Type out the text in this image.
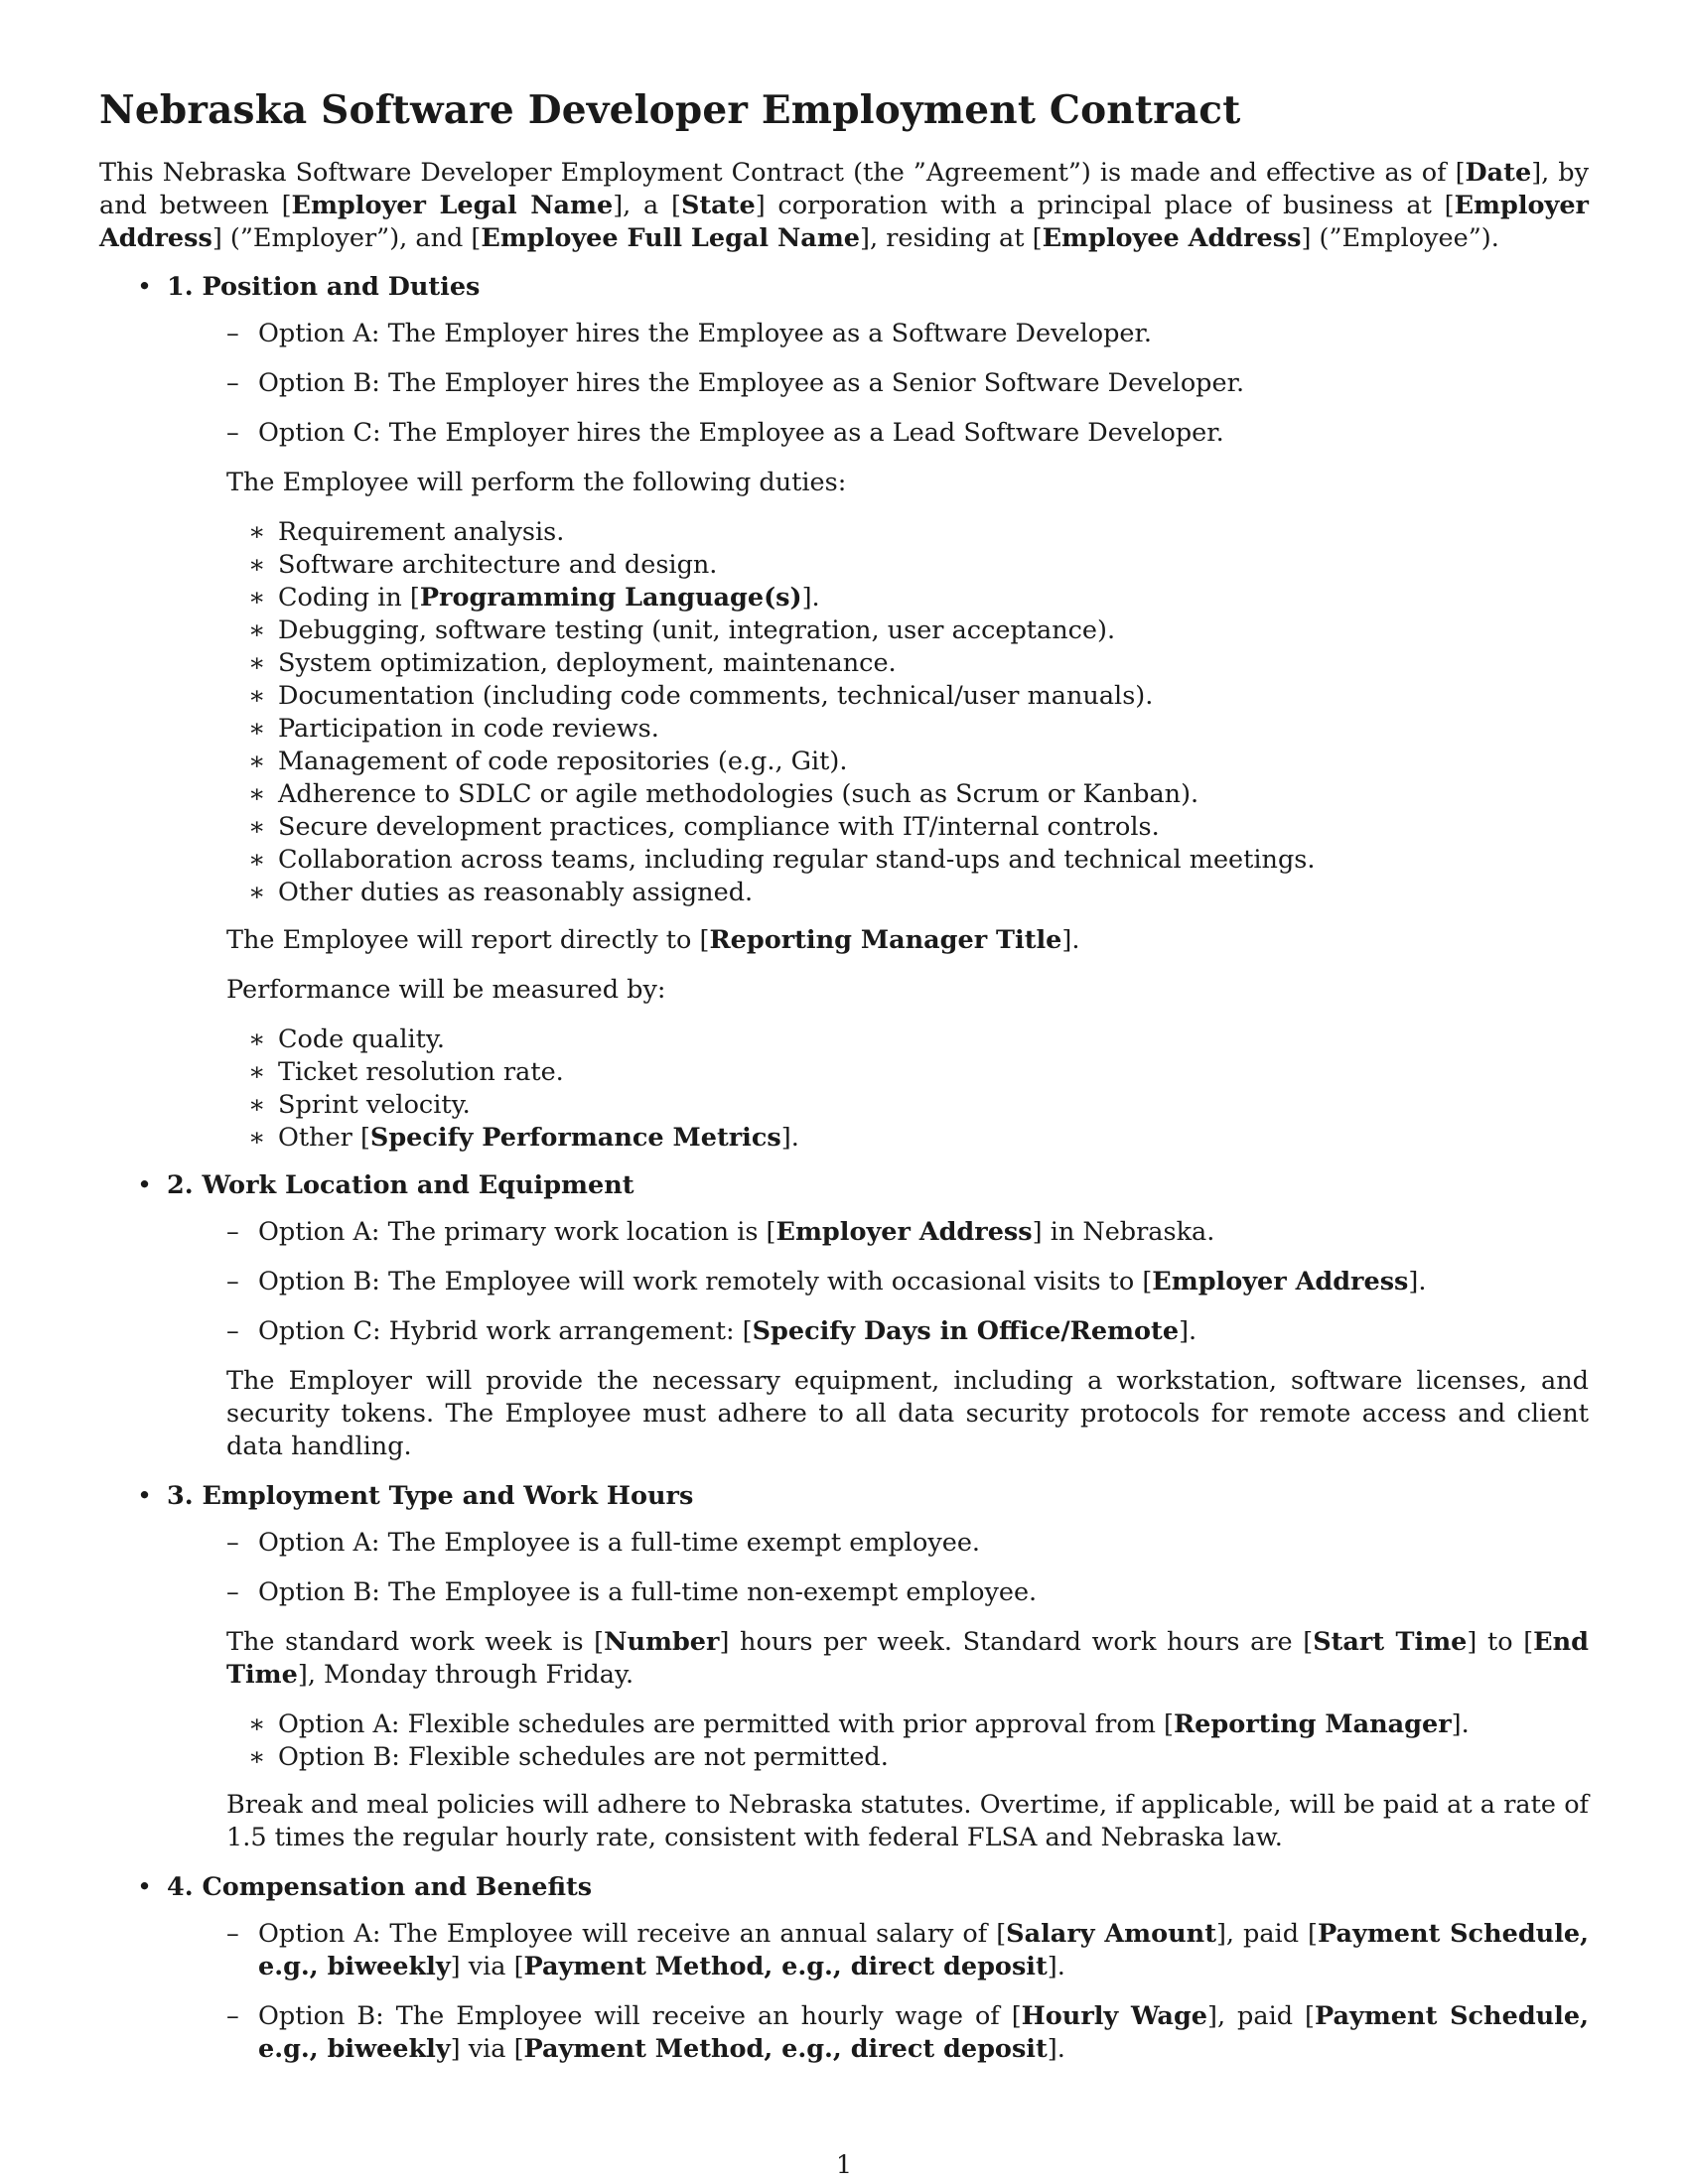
Nebraska Software Developer Employment Contract

This Nebraska Software Developer Employment Contract (the ”Agreement”) is made and effective as of [Date], by and between [Employer Legal Name], a [State] corporation with a principal place of business at [Employer Address] (”Employer”), and [Employee Full Legal Name], residing at [Employee Address] (”Employee”).

• 1. Position and Duties
– Option A: The Employer hires the Employee as a Software Developer.
– Option B: The Employer hires the Employee as a Senior Software Developer.
– Option C: The Employer hires the Employee as a Lead Software Developer.

The Employee will perform the following duties:

∗ Requirement analysis.
∗ Software architecture and design.
∗ Coding in [Programming Language(s)].
∗ Debugging, software testing (unit, integration, user acceptance).
∗ System optimization, deployment, maintenance.
∗ Documentation (including code comments, technical/user manuals).
∗ Participation in code reviews.
∗ Management of code repositories (e.g., Git).
∗ Adherence to SDLC or agile methodologies (such as Scrum or Kanban).
∗ Secure development practices, compliance with IT/internal controls.
∗ Collaboration across teams, including regular stand-ups and technical meetings.
∗ Other duties as reasonably assigned.

The Employee will report directly to [Reporting Manager Title].

Performance will be measured by:

∗ Code quality.
∗ Ticket resolution rate.
∗ Sprint velocity.
∗ Other [Specify Performance Metrics].
• 2. Work Location and Equipment
– Option A: The primary work location is [Employer Address] in Nebraska.
– Option B: The Employee will work remotely with occasional visits to [Employer Address].
– Option C: Hybrid work arrangement: [Specify Days in Office/Remote].

The Employer will provide the necessary equipment, including a workstation, software licenses, and security tokens. The Employee must adhere to all data security protocols for remote access and client data handling.

• 3. Employment Type and Work Hours
– Option A: The Employee is a full-time exempt employee.
– Option B: The Employee is a full-time non-exempt employee.

The standard work week is [Number] hours per week. Standard work hours are [Start Time] to [End Time], Monday through Friday.

∗ Option A: Flexible schedules are permitted with prior approval from [Reporting Manager].
∗ Option B: Flexible schedules are not permitted.

Break and meal policies will adhere to Nebraska statutes. Overtime, if applicable, will be paid at a rate of 1.5 times the regular hourly rate, consistent with federal FLSA and Nebraska law.

• 4. Compensation and Benefits
– Option A: The Employee will receive an annual salary of [Salary Amount], paid [Payment Schedule, e.g., biweekly] via [Payment Method, e.g., direct deposit].
– Option B: The Employee will receive an hourly wage of [Hourly Wage], paid [Payment Schedule, e.g., biweekly] via [Payment Method, e.g., direct deposit].
1
